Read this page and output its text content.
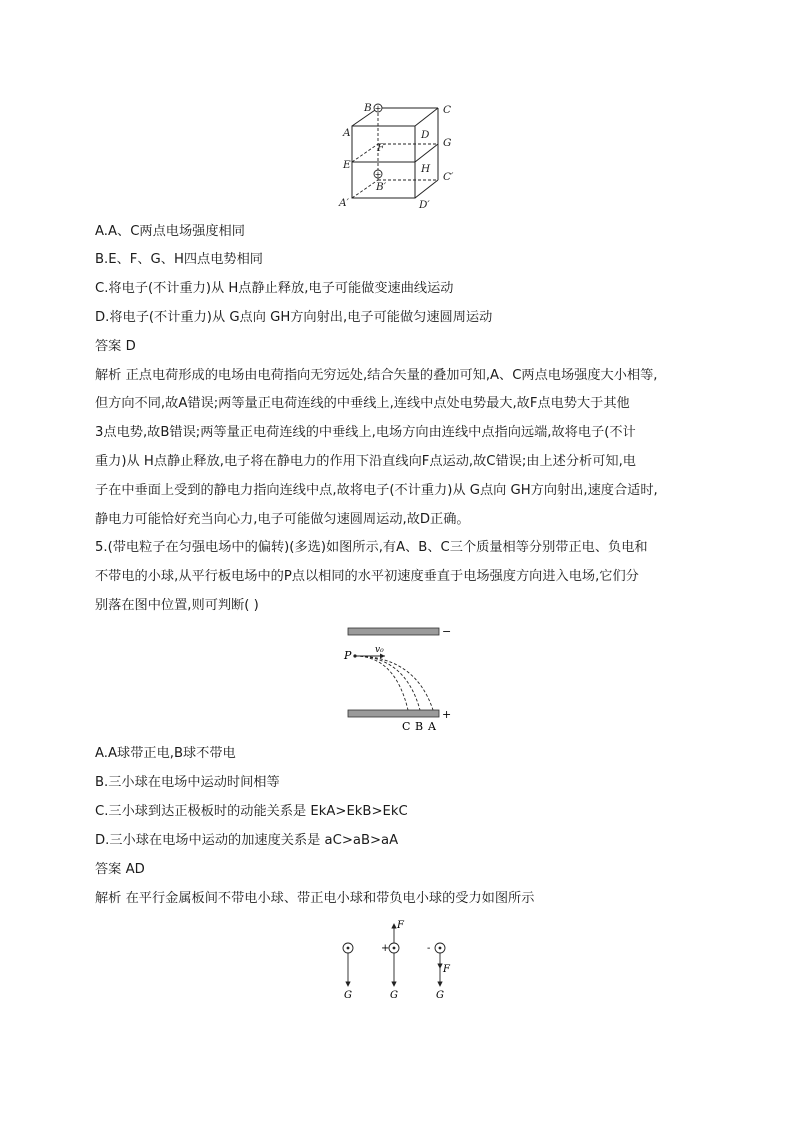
+
+
B	C
A	D
G
F
E	H
C′
B′
A′	D′
A.A、C两点电场强度相同
B.E、F、G、H四点电势相同
C.将电子(不计重力)从 H点静止释放,电子可能做变速曲线运动
D.将电子(不计重力)从 G点向 GH方向射出,电子可能做匀速圆周运动
答案 D
解析 正点电荷形成的电场由电荷指向无穷远处,结合矢量的叠加可知,A、C两点电场强度大小相等,
但方向不同,故A错误;两等量正电荷连线的中垂线上,连线中点处电势最大,故F点电势大于其他
3点电势,故B错误;两等量正电荷连线的中垂线上,电场方向由连线中点指向远端,故将电子(不计
重力)从 H点静止释放,电子将在静电力的作用下沿直线向F点运动,故C错误;由上述分析可知,电
子在中垂面上受到的静电力指向连线中点,故将电子(不计重力)从 G点向 GH方向射出,速度合适时,
静电力可能恰好充当向心力,电子可能做匀速圆周运动,故D正确。
5.(带电粒子在匀强电场中的偏转)(多选)如图所示,有A、B、C三个质量相等分别带正电、负电和
不带电的小球,从平行板电场中的P点以相同的水平初速度垂直于电场强度方向进入电场,它们分
别落在图中位置,则可判断( )
−
+
P	v₀
C B A
A.A球带正电,B球不带电
B.三小球在电场中运动时间相等
C.三小球到达正极板时的动能关系是 EkA>EkB>EkC
D.三小球在电场中运动的加速度关系是 aC>aB>aA
答案 AD
解析 在平行金属板间不带电小球、带正电小球和带负电小球的受力如图所示
G
+
F
G
-
F
G
